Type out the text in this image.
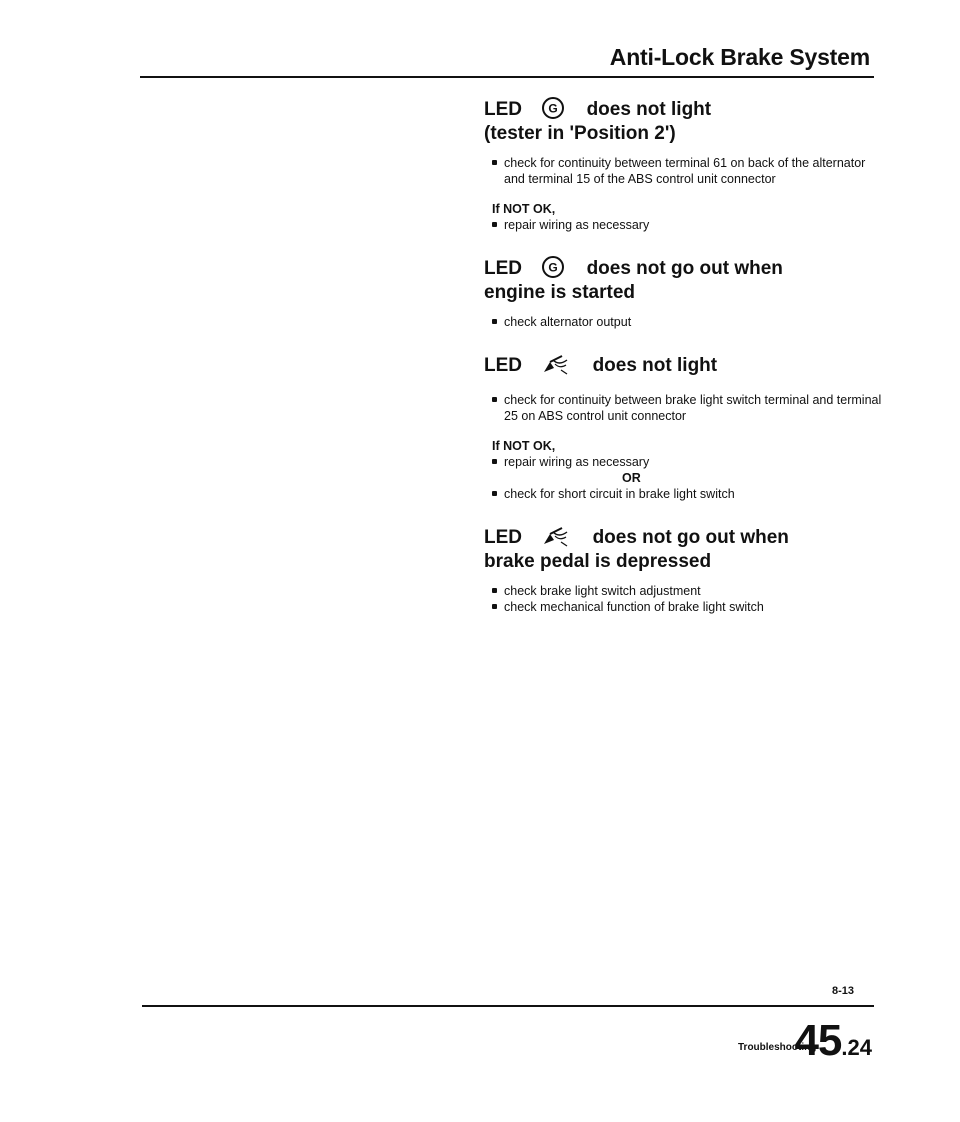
Anti-Lock Brake System
LED G does not light
(tester in 'Position 2')
check for continuity between terminal 61 on back of the alternator and terminal 15 of the ABS control unit connector
If NOT OK,
repair wiring as necessary
LED G does not go out when
engine is started
check alternator output
LED	does not light
check for continuity between brake light switch terminal and terminal 25 on ABS control unit connector
If NOT OK,
repair wiring as necessary
OR
check for short circuit in brake light switch
LED	does not go out when
brake pedal is depressed
check brake light switch adjustment
check mechanical function of brake light switch
8-13
Troubleshooting
45.24
